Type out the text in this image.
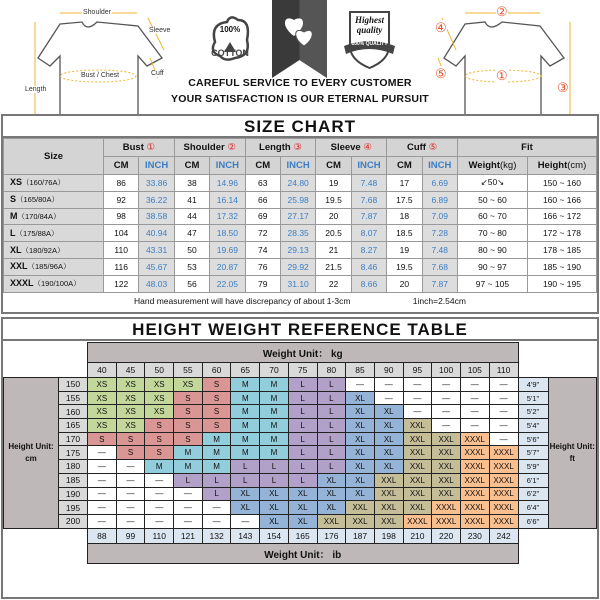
Shoulder
Sleeve
Cuff
Bust / Chest
Length
100%
COTTON
Highest
quality
100% QUALITY
CAREFUL SERVICE TO EVERY CUSTOMER
YOUR SATISFACTION IS OUR ETERNAL PURSUIT
②
④
⑤	①
③
SIZE CHART
Size	Bust ①		Shoulder ②		Length ③		Sleeve ④		Cuff ⑤		Fit	
	CM	INCH	CM	INCH	CM	INCH	CM	INCH	CM	INCH	Weight(kg)	Height(cm)
XS（160/76A）	86	33.86	38	14.96	63	24.80	19	7.48	17	6.69	↙50↘	150 ~ 160
S（165/80A）	92	36.22	41	16.14	66	25.98	19.5	7.68	17.5	6.89	50 ~ 60	160 ~ 166
M（170/84A）	98	38.58	44	17.32	69	27.17	20	7.87	18	7.09	60 ~ 70	166 ~ 172
L（175/88A）	104	40.94	47	18.50	72	28.35	20.5	8.07	18.5	7.28	70 ~ 80	172 ~ 178
XL（180/92A）	110	43.31	50	19.69	74	29.13	21	8.27	19	7.48	80 ~ 90	178 ~ 185
XXL（185/96A）	116	45.67	53	20.87	76	29.92	21.5	8.46	19.5	7.68	90 ~ 97	185 ~ 190
XXXL（190/100A）	122	48.03	56	22.05	79	31.10	22	8.66	20	7.87	97 ~ 105	190 ~ 195
Hand measurement will have discrepancy of about 1-3cm	1inch=2.54cm
HEIGHT WEIGHT REFERENCE TABLE
		Weight Unit： kg																
		40	45	50	55	60	65	70	75	80	85	90	95	100	105	110		
Height Unit: cm	150	XS	XS	XS	XS	S	M	M	L	L	—	—	—	—	—	—	4'9"	Height Unit: ft
	155	XS	XS	XS	S	S	M	M	L	L	XL	—	—	—	—	—	5'1"	
	160	XS	XS	XS	S	S	M	M	L	L	XL	XL	—	—	—	—	5'2"	
	165	XS	XS	S	S	S	M	M	L	L	XL	XL	XXL	—	—	—	5'4"	
	170	S	S	S	S	M	M	M	L	L	XL	XL	XXL	XXL	XXXL	—	5'6"	
	175	—	S	S	M	M	M	M	L	L	XL	XL	XXL	XXL	XXXL	XXXL	5'7"	
	180	—	—	M	M	M	L	L	L	L	XL	XL	XXL	XXL	XXXL	XXXL	5'9"	
	185	—	—	—	L	L	L	L	L	XL	XL	XXL	XXL	XXL	XXXL	XXXL	6'1"	
	190	—	—	—	—	L	XL	XL	XL	XL	XL	XXL	XXL	XXL	XXXL	XXXL	6'2"	
	195	—	—	—	—	—	XL	XL	XL	XL	XXL	XXL	XXL	XXXL	XXXL	XXXL	6'4"	
	200	—	—	—	—	—	—	XL	XL	XXL	XXL	XXL	XXXL	XXXL	XXXL	XXXL	6'6"	
		88	99	110	121	132	143	154	165	176	187	198	210	220	230	242		
		Weight Unit： ib																
